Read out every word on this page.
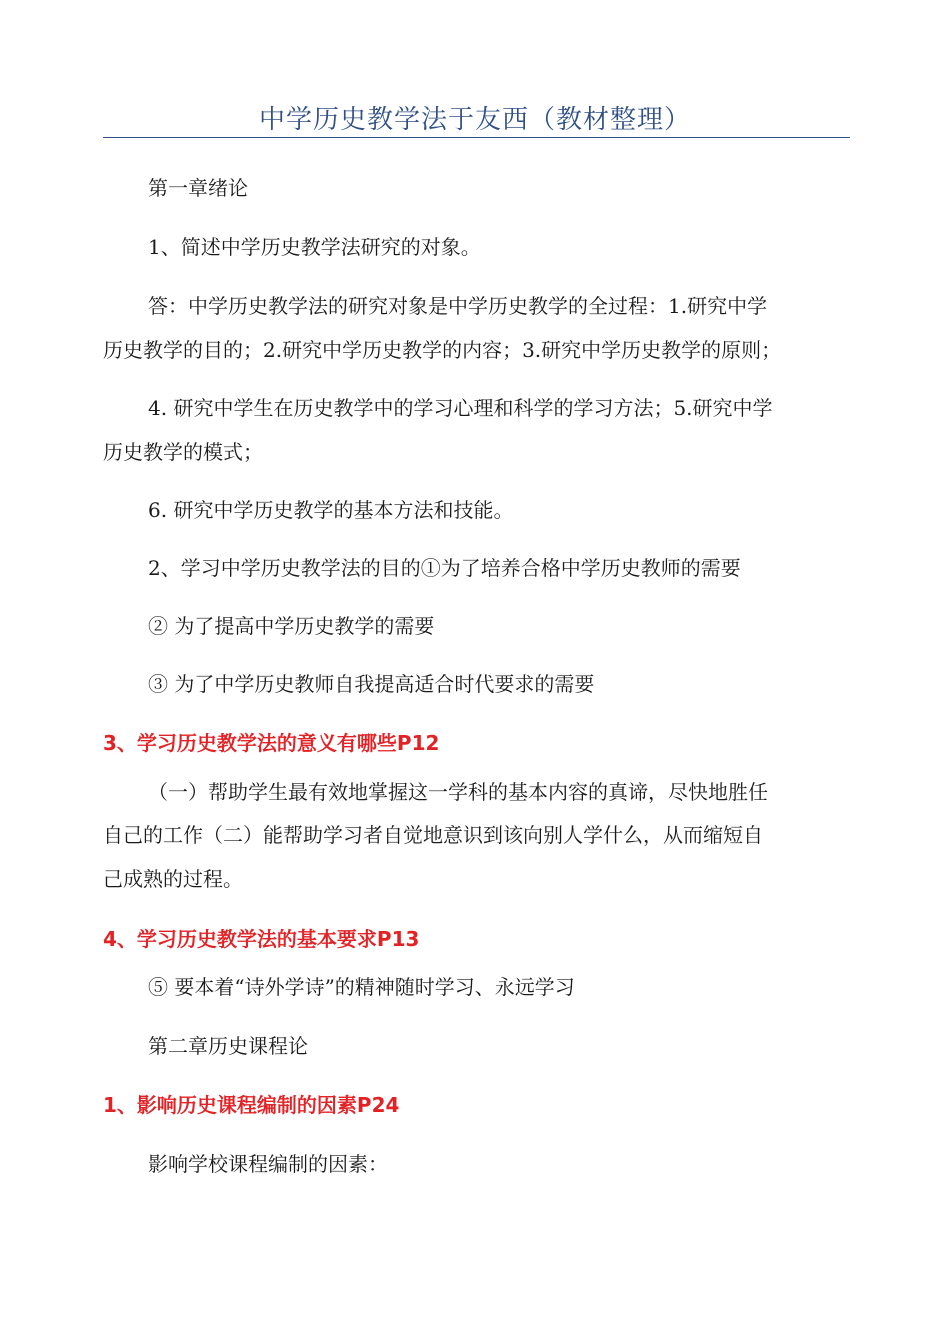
中学历史教学法于友西（教材整理）
第一章绪论
1、简述中学历史教学法研究的对象。
答：中学历史教学法的研究对象是中学历史教学的全过程：1.研究中学
历史教学的目的；2.研究中学历史教学的内容；3.研究中学历史教学的原则；
4. 研究中学生在历史教学中的学习心理和科学的学习方法；5.研究中学
历史教学的模式；
6. 研究中学历史教学的基本方法和技能。
2、学习中学历史教学法的目的①为了培养合格中学历史教师的需要
② 为了提高中学历史教学的需要
③ 为了中学历史教师自我提高适合时代要求的需要
3、学习历史教学法的意义有哪些P12
（一）帮助学生最有效地掌握这一学科的基本内容的真谛，尽快地胜任
自己的工作（二）能帮助学习者自觉地意识到该向别人学什么，从而缩短自
己成熟的过程。
4、学习历史教学法的基本要求P13
⑤ 要本着“诗外学诗”的精神随时学习、永远学习
第二章历史课程论
1、影响历史课程编制的因素P24
影响学校课程编制的因素：
